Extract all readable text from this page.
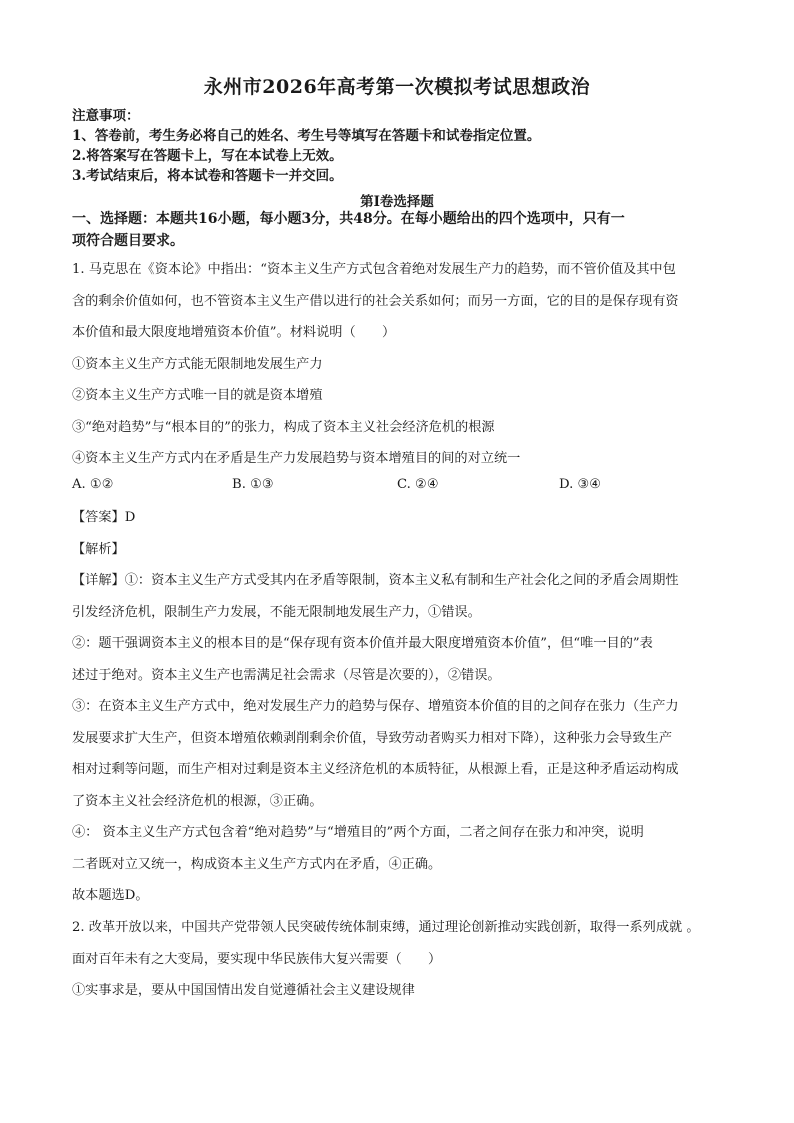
永州市2026年高考第一次模拟考试思想政治
注意事项：
1、答卷前，考生务必将自己的姓名、考生号等填写在答题卡和试卷指定位置。
2.将答案写在答题卡上，写在本试卷上无效。
3.考试结束后，将本试卷和答题卡一并交回。
第Ⅰ卷选择题
一、选择题：本题共16小题，每小题3分，共48分。在每小题给出的四个选项中，只有一
项符合题目要求。
1. 马克思在《资本论》中指出：“资本主义生产方式包含着绝对发展生产力的趋势，而不管价值及其中包
含的剩余价值如何，也不管资本主义生产借以进行的社会关系如何；而另一方面，它的目的是保存现有资
本价值和最大限度地增殖资本价值”。材料说明（　　）
①资本主义生产方式能无限制地发展生产力
②资本主义生产方式唯一目的就是资本增殖
③“绝对趋势”与“根本目的”的张力，构成了资本主义社会经济危机的根源
④资本主义生产方式内在矛盾是生产力发展趋势与资本增殖目的间的对立统一
A. ①②	B. ①③	C. ②④	D. ③④
【答案】D
【解析】
【详解】①：资本主义生产方式受其内在矛盾等限制，资本主义私有制和生产社会化之间的矛盾会周期性
引发经济危机，限制生产力发展，不能无限制地发展生产力，①错误。
②：题干强调资本主义的根本目的是“保存现有资本价值并最大限度增殖资本价值”，但“唯一目的”表
述过于绝对。资本主义生产也需满足社会需求（尽管是次要的），②错误。
③：在资本主义生产方式中，绝对发展生产力的趋势与保存、增殖资本价值的目的之间存在张力（生产力
发展要求扩大生产，但资本增殖依赖剥削剩余价值，导致劳动者购买力相对下降），这种张力会导致生产
相对过剩等问题，而生产相对过剩是资本主义经济危机的本质特征，从根源上看，正是这种矛盾运动构成
了资本主义社会经济危机的根源，③正确。
④： 资本主义生产方式包含着“绝对趋势”与“增殖目的”两个方面，二者之间存在张力和冲突，说明
二者既对立又统一，构成资本主义生产方式内在矛盾，④正确。
故本题选D。
2. 改革开放以来，中国共产党带领人民突破传统体制束缚，通过理论创新推动实践创新，取得一系列成就 。
面对百年未有之大变局，要实现中华民族伟大复兴需要（　　）
①实事求是，要从中国国情出发自觉遵循社会主义建设规律
